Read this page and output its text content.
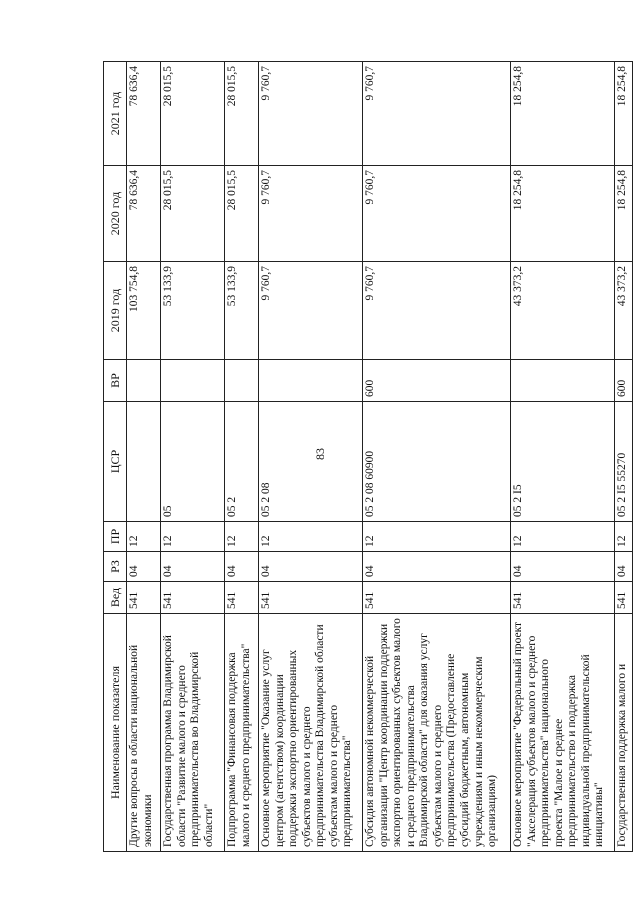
83
Наименование показателя	Вед	РЗ	ПР	ЦСР	ВР	2019 год	2020 год	2021 год
Другие вопросы в области национальной экономики	541	04	12			103 754,8	78 636,4	78 636,4
Государственная программа Владимирской области "Развитие малого и среднего предпринимательства во Владимирской области"	541	04	12	05		53 133,9	28 015,5	28 015,5
Подпрограмма "Финансовая поддержка малого и среднего предпринимательства"	541	04	12	05 2		53 133,9	28 015,5	28 015,5
Основное мероприятие "Оказание услуг центром (агентством) координации поддержки экспортно ориентированных субъектов малого и среднего предпринимательства Владимирской области субъектам малого и среднего предпринимательства"	541	04	12	05 2 08		9 760,7	9 760,7	9 760,7
Субсидия автономной некоммерческой организации "Центр координации поддержки экспортно ориентированных субъектов малого и среднего предпринимательства Владимирской области" для оказания услуг субъектам малого и среднего предпринимательства (Предоставление субсидий бюджетным, автономным учреждениям и иным некоммерческим организациям)	541	04	12	05 2 08 60900	600	9 760,7	9 760,7	9 760,7
Основное мероприятие "Федеральный проект "Акселерация субъектов малого и среднего предпринимательства" национального проекта "Малое и среднее предпринимательство и поддержка индивидуальной предпринимательской инициативы"	541	04	12	05 2 I5		43 373,2	18 254,8	18 254,8
Государственная поддержка малого и	541	04	12	05 2 I5 55270	600	43 373,2	18 254,8	18 254,8
